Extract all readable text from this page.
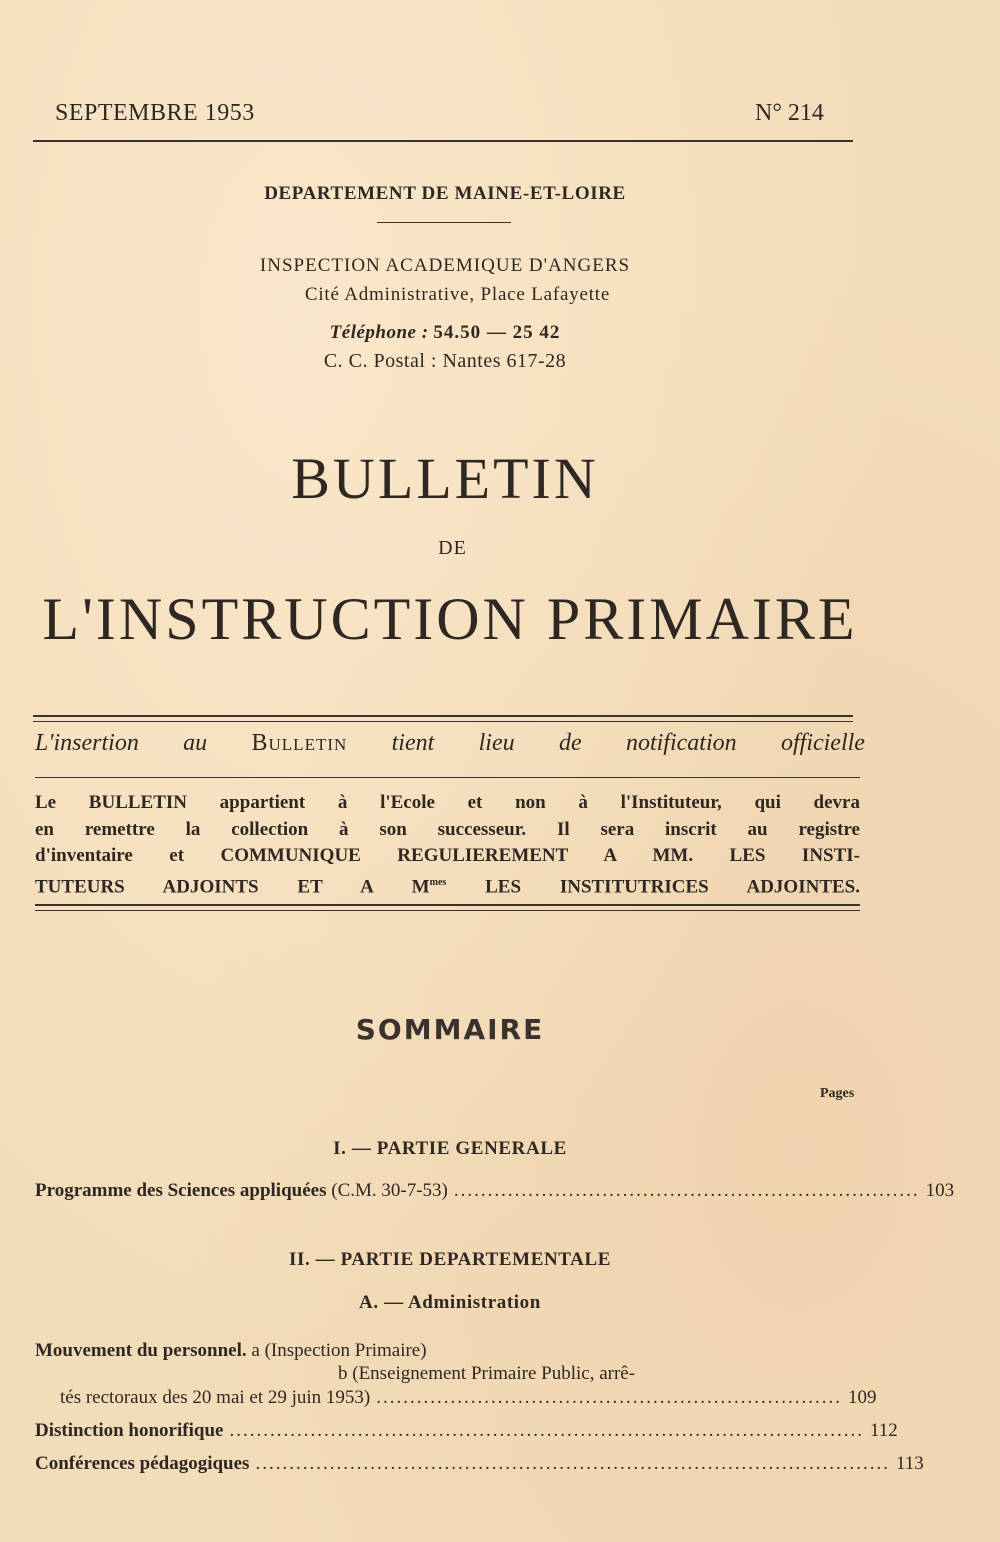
SEPTEMBRE 1953	N° 214
DEPARTEMENT DE MAINE-ET-LOIRE
INSPECTION ACADEMIQUE D'ANGERS
Cité Administrative, Place Lafayette
Téléphone : 54.50 — 25 42
C. C. Postal : Nantes 617-28
BULLETIN
DE
L'INSTRUCTION PRIMAIRE
L'insertion au Bulletin tient lieu de notification officielle

Le BULLETIN appartient à l'Ecole et non à l'Instituteur, qui devra

en remettre la collection à son successeur. Il sera inscrit au registre

d'inventaire et COMMUNIQUE REGULIEREMENT A MM. LES INSTI-

TUTEURS ADJOINTS ET A $M^{mes}$ LES INSTITUTRICES ADJOINTES.

SOMMAIRE
Pages
I. — PARTIE GENERALE
Programme des Sciences appliquées (C.M. 30-7-53) ..................................................................... 103
II. — PARTIE DEPARTEMENTALE
A. — Administration
Mouvement du personnel. a (Inspection Primaire)
b (Enseignement Primaire Public, arrê-
tés rectoraux des 20 mai et 29 juin 1953) ..................................................................... 109
Distinction honorifique .............................................................................................. 112
Conférences pédagogiques .............................................................................................. 113
